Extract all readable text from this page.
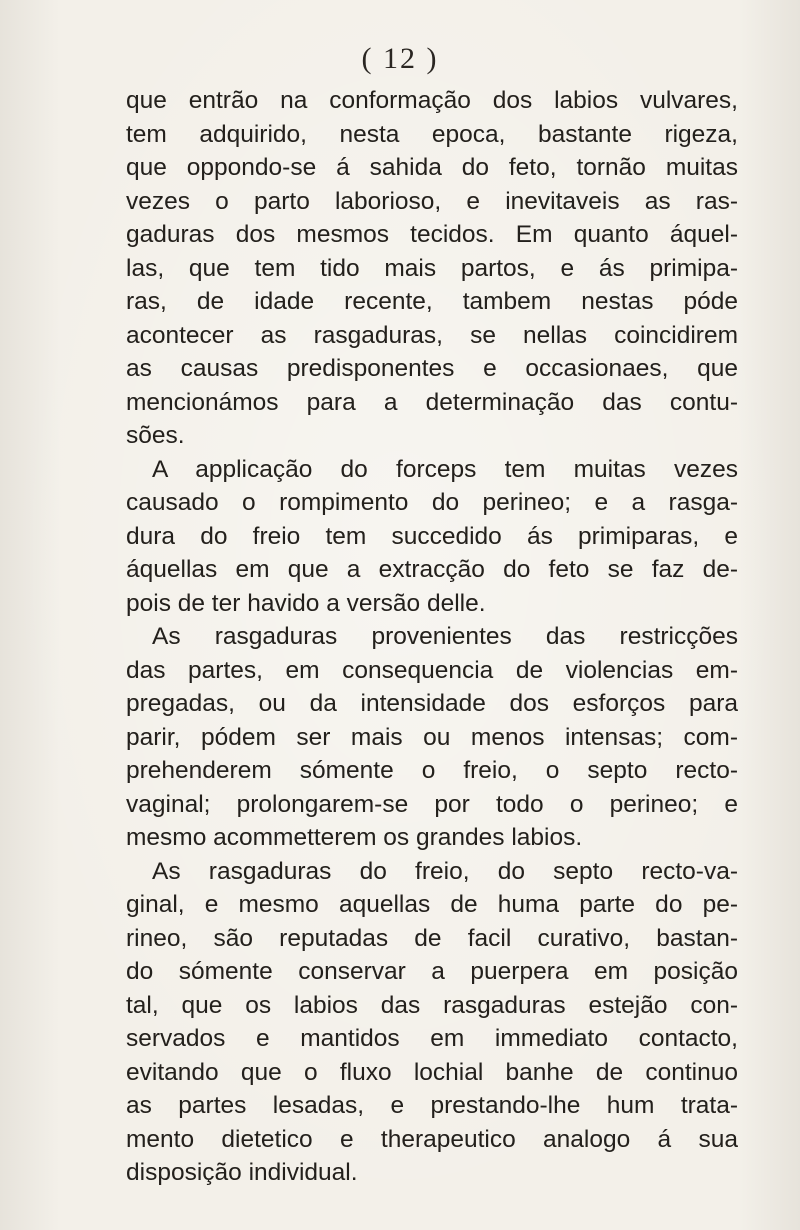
( 12 )
que entrão na conformação dos labios vulvares,
tem adquirido, nesta epoca, bastante rigeza,
que oppondo-se á sahida do feto, tornão muitas
vezes o parto laborioso, e inevitaveis as ras-
gaduras dos mesmos tecidos. Em quanto áquel-
las, que tem tido mais partos, e ás primipa-
ras, de idade recente, tambem nestas póde
acontecer as rasgaduras, se nellas coincidirem
as causas predisponentes e occasionaes, que
mencionámos para a determinação das contu-
sões.
A applicação do forceps tem muitas vezes
causado o rompimento do perineo; e a rasga-
dura do freio tem succedido ás primiparas, e
áquellas em que a extracção do feto se faz de-
pois de ter havido a versão delle.
As rasgaduras provenientes das restricções
das partes, em consequencia de violencias em-
pregadas, ou da intensidade dos esforços para
parir, pódem ser mais ou menos intensas; com-
prehenderem sómente o freio, o septo recto-
vaginal; prolongarem-se por todo o perineo; e
mesmo acommetterem os grandes labios.
As rasgaduras do freio, do septo recto-va-
ginal, e mesmo aquellas de huma parte do pe-
rineo, são reputadas de facil curativo, bastan-
do sómente conservar a puerpera em posição
tal, que os labios das rasgaduras estejão con-
servados e mantidos em immediato contacto,
evitando que o fluxo lochial banhe de continuo
as partes lesadas, e prestando-lhe hum trata-
mento dietetico e therapeutico analogo á sua
disposição individual.
